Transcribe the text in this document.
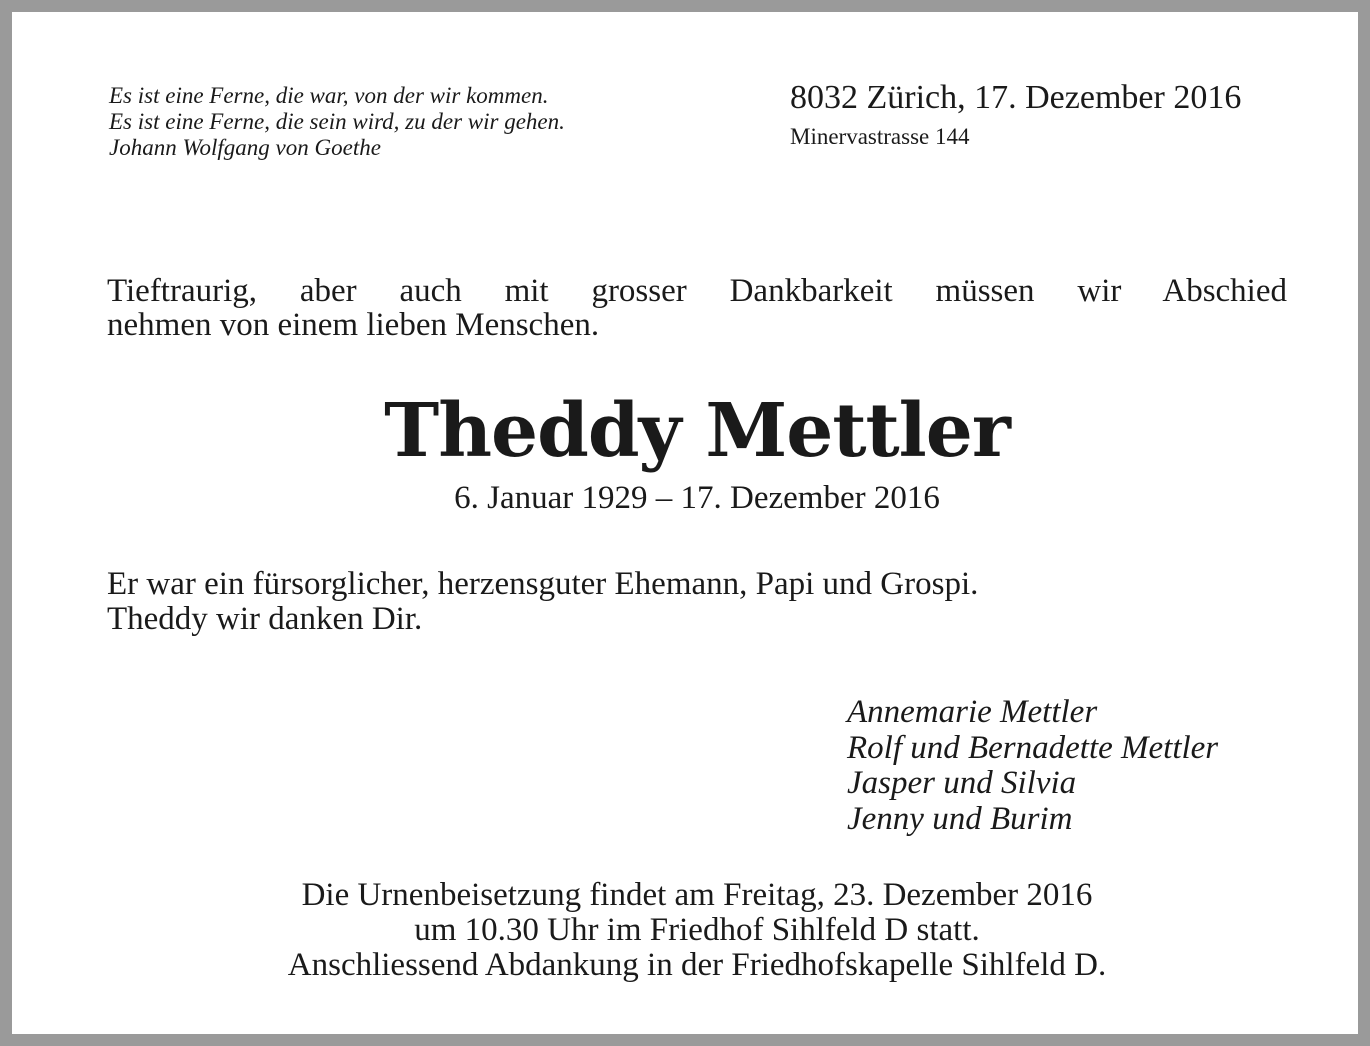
Es ist eine Ferne, die war, von der wir kommen.
Es ist eine Ferne, die sein wird, zu der wir gehen.
Johann Wolfgang von Goethe
8032 Zürich, 17. Dezember 2016
Minervastrasse 144
Tieftraurig, aber auch mit grosser Dankbarkeit müssen wir Abschied
nehmen von einem lieben Menschen.
Theddy Mettler
6. Januar 1929 – 17. Dezember 2016
Er war ein fürsorglicher, herzensguter Ehemann, Papi und Grospi.
Theddy wir danken Dir.
Annemarie Mettler
Rolf und Bernadette Mettler
Jasper und Silvia
Jenny und Burim
Die Urnenbeisetzung findet am Freitag, 23. Dezember 2016
um 10.30 Uhr im Friedhof Sihlfeld D statt.
Anschliessend Abdankung in der Friedhofskapelle Sihlfeld D.
